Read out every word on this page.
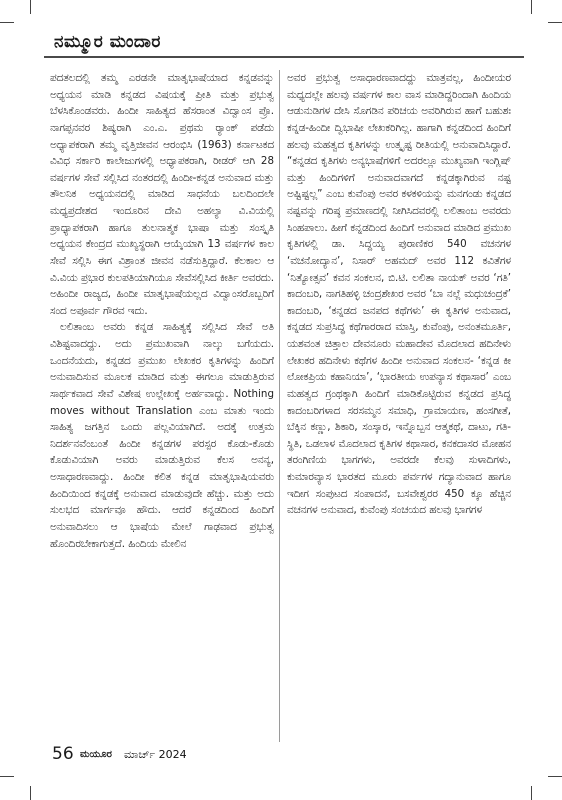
ನಮ್ಮೂರ ಮಂದಾರ

ಪದತಲದಲ್ಲಿ ತಮ್ಮ ಎರಡನೇ ಮಾತೃಭಾಷೆಯಾದ ಕನ್ನಡವನ್ನು ಅಧ್ಯಯನ ಮಾಡಿ ಕನ್ನಡದ ವಿಷಯಕ್ಕೆ ಪ್ರೀತಿ ಮತ್ತು ಪ್ರಭುತ್ವ ಬೆಳಸಿಕೊಂಡವರು. ಹಿಂದೀ ಸಾಹಿತ್ಯದ ಹೆಸರಾಂತ ವಿದ್ವಾಂಸ ಪ್ರೊ. ನಾಗಪ್ಪನವರ ಶಿಷ್ಯರಾಗಿ ಎಂ.ಎ. ಪ್ರಥಮ ರ್‍ಯಾಂಕ್ ಪಡೆದು ಅಧ್ಯಾಪಕರಾಗಿ ತಮ್ಮ ವೃತ್ತಿಜೀವನ ಆರಂಭಿಸಿ (1963) ಕರ್ನಾಟಕದ ವಿವಿಧ ಸರ್ಕಾರಿ ಕಾಲೇಜುಗಳಲ್ಲಿ ಅಧ್ಯಾಪಕರಾಗಿ, ರೀಡರ್ ಆಗಿ 28 ವರ್ಷಗಳ ಸೇವೆ ಸಲ್ಲಿಸಿದ ನಂತರದಲ್ಲಿ ಹಿಂದೀ-ಕನ್ನಡ ಅನುವಾದ ಮತ್ತು ತೌಲನಿಕ ಅಧ್ಯಯನದಲ್ಲಿ ಮಾಡಿದ ಸಾಧನೆಯ ಬಲದಿಂದಲೇ ಮಧ್ಯಪ್ರದೇಶದ ಇಂದೂರಿನ ದೇವಿ ಅಹಲ್ಯಾ ವಿ.ವಿಯಲ್ಲಿ ಪ್ರಾಧ್ಯಾಪಕರಾಗಿ ಹಾಗೂ ತುಲನಾತ್ಮಕ ಭಾಷಾ ಮತ್ತು ಸಂಸ್ಕೃತಿ ಅಧ್ಯಯನ ಕೇಂದ್ರದ ಮುಖ್ಯಸ್ಥರಾಗಿ ಆಯ್ಕೆಯಾಗಿ 13 ವರ್ಷಗಳ ಕಾಲ ಸೇವೆ ಸಲ್ಲಿಸಿ ಈಗ ವಿಶ್ರಾಂತ ಜೀವನ ನಡೆಸುತ್ತಿದ್ದಾರೆ. ಕೆಲಕಾಲ ಆ ವಿ.ವಿಯ ಪ್ರಭಾರ ಕುಲಪತಿಯಾಗಿಯೂ ಸೇವೆಸಲ್ಲಿಸಿದ ಕೀರ್ತಿ ಅವರದು. ಅಹಿಂದೀ ರಾಜ್ಯದ, ಹಿಂದೀ ಮಾತೃಭಾಷೆಯಲ್ಲದ ವಿದ್ವಾಂಸರೊಬ್ಬರಿಗೆ ಸಂದ ಅಪೂರ್ವ ಗೌರವ ಇದು.

ಲಲಿತಾಂಬ ಅವರು ಕನ್ನಡ ಸಾಹಿತ್ಯಕ್ಕೆ ಸಲ್ಲಿಸಿದ ಸೇವೆ ಅತಿ ವಿಶಿಷ್ಟವಾದದ್ದು. ಅದು ಪ್ರಮುಖವಾಗಿ ನಾಲ್ಕು ಬಗೆಯದು. ಒಂದನೆಯದು, ಕನ್ನಡದ ಪ್ರಮುಖ ಲೇಖಕರ ಕೃತಿಗಳನ್ನು ಹಿಂದಿಗೆ ಅನುವಾದಿಸುವ ಮೂಲಕ ಮಾಡಿದ ಮತ್ತು ಈಗಲೂ ಮಾಡುತ್ತಿರುವ ಸಾರ್ಥಕವಾದ ಸೇವೆ ವಿಶೇಷ ಉಲ್ಲೇಖಕ್ಕೆ ಅರ್ಹವಾದ್ದು. Nothing moves without Translation ಎಂಬ ಮಾತು ಇಂದು ಸಾಹಿತ್ಯ ಜಗತ್ತಿನ ಒಂದು ಪಲ್ಲವಿಯಾಗಿದೆ. ಅದಕ್ಕೆ ಉತ್ತಮ ನಿದರ್ಶನವೆಂಬಂತೆ ಹಿಂದೀ ಕನ್ನಡಗಳ ಪರಸ್ಪರ ಕೊಡು-ಕೊಡು ಕೊಡುವಿಯಾಗಿ ಅವರು ಮಾಡುತ್ತಿರುವ ಕೆಲಸ ಅನನ್ಯ, ಅಸಾಧಾರಣವಾದ್ದು. ಹಿಂದೀ ಕಲಿತ ಕನ್ನಡ ಮಾತೃಭಾಷಿಯವರು ಹಿಂದಿಯಿಂದ ಕನ್ನಡಕ್ಕೆ ಅನುವಾದ ಮಾಡುವುದೇ ಹೆಚ್ಚು. ಮತ್ತು ಅದು ಸುಲಭದ ಮಾರ್ಗವೂ ಹೌದು. ಆದರೆ ಕನ್ನಡದಿಂದ ಹಿಂದಿಗೆ ಅನುವಾದಿಸಲು ಆ ಭಾಷೆಯ ಮೇಲೆ ಗಾಢವಾದ ಪ್ರಭುತ್ವ ಹೊಂದಿರಬೇಕಾಗುತ್ತದೆ. ಹಿಂದಿಯ ಮೇಲಿನ

ಅವರ ಪ್ರಭುತ್ವ ಅಸಾಧಾರಣವಾದದ್ದು ಮಾತ್ರವಲ್ಲ, ಹಿಂದೀಯರ ಮಧ್ಯದಲ್ಲೇ ಹಲವು ವರ್ಷಗಳ ಕಾಲ ವಾಸ ಮಾಡಿದ್ದರಿಂದಾಗಿ ಹಿಂದಿಯ ಆಡುನುಡಿಗಳ ದೇಸಿ ಸೊಗಡಿನ ಪರಿಚಯ ಅವರಿಗಿರುವ ಹಾಗೆ ಬಹುಶಃ ಕನ್ನಡ-ಹಿಂದೀ ದ್ವಿಭಾಷೀ ಲೇಖಕರಿಗಿಲ್ಲ. ಹಾಗಾಗಿ ಕನ್ನಡದಿಂದ ಹಿಂದಿಗೆ ಹಲವು ಮಹತ್ವದ ಕೃತಿಗಳನ್ನು ಉತ್ಕೃಷ್ಟ ರೀತಿಯಲ್ಲಿ ಅನುವಾದಿಸಿದ್ದಾರೆ. “ಕನ್ನಡದ ಕೃತಿಗಳು ಅನ್ಯಭಾಷೆಗಳಿಗೆ ಅದರಲ್ಲೂ ಮುಖ್ಯವಾಗಿ ಇಂಗ್ಲಿಷ್ ಮತ್ತು ಹಿಂದಿಗಳಿಗೆ ಅನುವಾದವಾಗದೆ ಕನ್ನಡಕ್ಕಾಗಿರುವ ನಷ್ಟ ಅಷ್ಟಿಷ್ಟಲ್ಲ” ಎಂಬ ಕುವೆಂಪು ಅವರ ಕಳಕಳಿಯನ್ನು ಮನಗಂಡು ಕನ್ನಡದ ನಷ್ಟವನ್ನು ಗರಿಷ್ಠ ಪ್ರಮಾಣದಲ್ಲಿ ನೀಗಿಸಿದವರಲ್ಲಿ ಲಲಿತಾಂಬ ಅವರದು ಸಿಂಹಪಾಲು. ಹೀಗೆ ಕನ್ನಡದಿಂದ ಹಿಂದಿಗೆ ಅನುವಾದ ಮಾಡಿದ ಪ್ರಮುಖ ಕೃತಿಗಳಲ್ಲಿ ಡಾ. ಸಿದ್ದಯ್ಯ ಪುರಾಣಿಕರ 540 ವಚನಗಳ ‘ವಚನೋದ್ಯಾನ’, ನಿಸಾರ್ ಅಹಮದ್ ಅವರ 112 ಕವಿತೆಗಳ ‘ನಿತ್ಯೋತ್ಸವ’ ಕವನ ಸಂಕಲನ, ಬಿ.ಟಿ. ಲಲಿತಾ ನಾಯಕ್ ಅವರ ‘ಗತಿ’ ಕಾದಂಬರಿ, ನಾಗತಿಹಳ್ಳಿ ಚಂದ್ರಶೇಖರ ಅವರ ‘ಬಾ ನಲ್ಲೆ ಮಧುಚಂದ್ರಕೆ’ ಕಾದಂಬರಿ, ‘ಕನ್ನಡದ ಜನಪದ ಕಥೆಗಳು’ ಈ ಕೃತಿಗಳ ಅನುವಾದ, ಕನ್ನಡದ ಸುಪ್ರಸಿದ್ಧ ಕಥೆಗಾರರಾದ ಮಾಸ್ತಿ, ಕುವೆಂಪು, ಅನಂತಮೂರ್ತಿ, ಯಶವಂತ ಚಿತ್ತಾಲ ದೇವನೂರು ಮಹಾದೇವ ಮೊದಲಾದ ಹದಿನೇಳು ಲೇಖಕರ ಹದಿನೇಳು ಕಥೆಗಳ ಹಿಂದೀ ಅನುವಾದ ಸಂಕಲನ- ‘ಕನ್ನಡ ಕೀ ಲೋಕಪ್ರಿಯ ಕಹಾನಿಯಾ’, ‘ಭಾರತೀಯ ಉಪನ್ಯಾಸ ಕಥಾಸಾರ’ ಎಂಬ ಮಹತ್ವದ ಗ್ರಂಥಕ್ಕಾಗಿ ಹಿಂದಿಗೆ ಮಾಡಿಕೊಟ್ಟಿರುವ ಕನ್ನಡದ ಪ್ರಸಿದ್ಧ ಕಾದಂಬರಿಗಳಾದ ಸರಸಮ್ಮನ ಸಮಾಧಿ, ಗ್ರಾಮಾಯಣ, ಹಂಸಗೀತೆ, ಬೆಕ್ಕಿನ ಕಣ್ಣು, ಶಿಕಾರಿ, ಸಂಸ್ಕಾರ, ಇನ್ನೊಬ್ಬನ ಆತ್ಮಕಥೆ, ದಾಟು, ಗತಿ-ಸ್ಥಿತಿ, ಒಡಲಾಳ ಮೊದಲಾದ ಕೃತಿಗಳ ಕಥಾಸಾರ, ಕನಕದಾಸರ ಮೋಹನ ತರಂಗಿಣಿಯ ಭಾಗಗಳು, ಅವರದೇ ಕೆಲವು ಸುಳಾದಿಗಳು, ಕುಮಾರವ್ಯಾಸ ಭಾರತದ ಮೂರು ಪರ್ವಗಳ ಗದ್ಯಾನುವಾದ ಹಾಗೂ ಇದೀಗ ಸಂಪುಟದ ಸಂಪಾದನೆ, ಬಸವೇಶ್ವರರ 450 ಕ್ಕೂ ಹೆಚ್ಚಿನ ವಚನಗಳ ಅನುವಾದ, ಕುವೆಂಪು ಸಂಚಯದ ಹಲವು ಭಾಗಗಳ

56 ಮಯೂರ ಮಾರ್ಚ್ 2024
